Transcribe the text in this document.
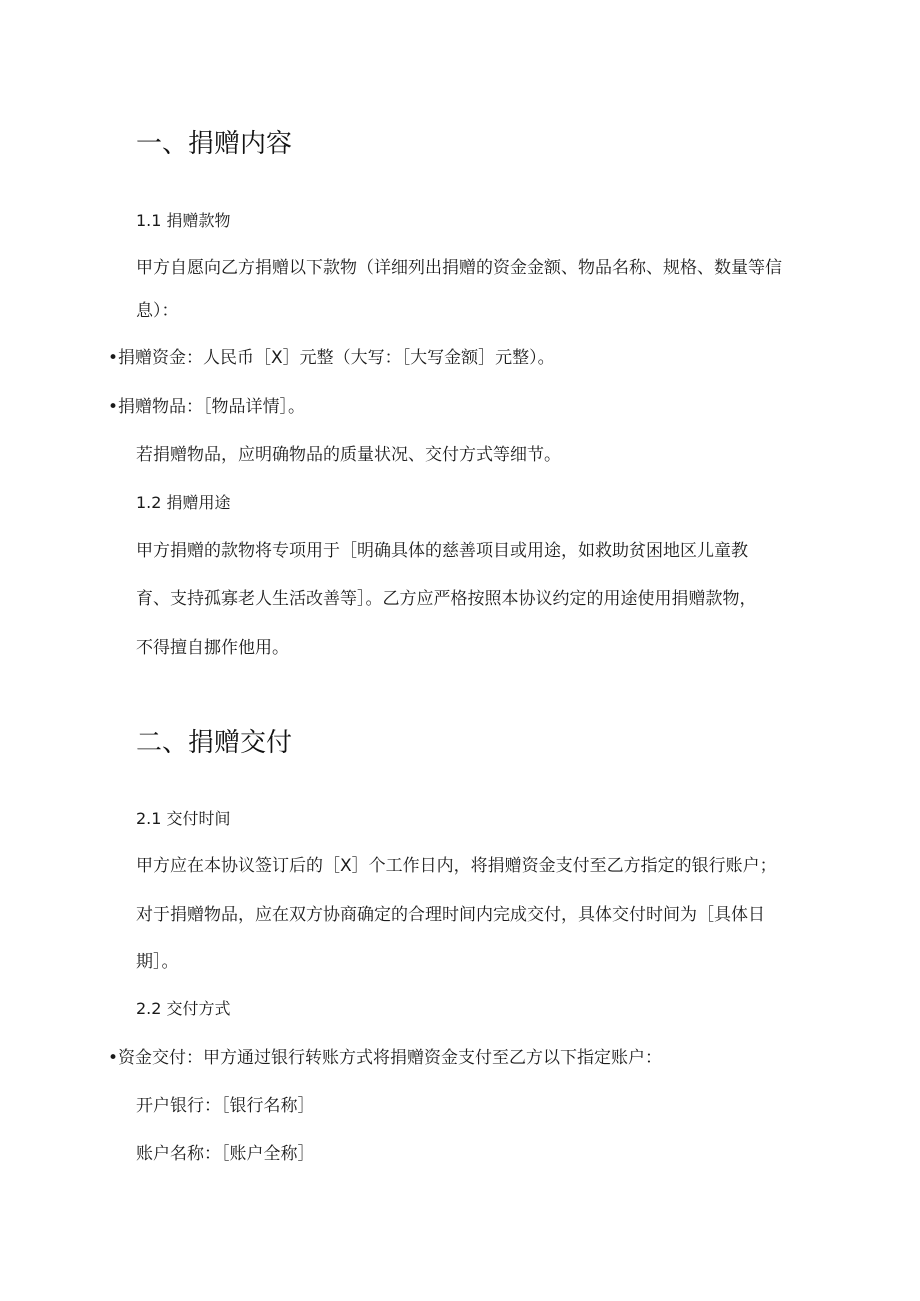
一、捐赠内容
1.1 捐赠款物
甲方自愿向乙方捐赠以下款物（详细列出捐赠的资金金额、物品名称、规格、数量等信
息）：
•捐赠资金：人民币［X］元整（大写：［大写金额］元整）。
•捐赠物品：［物品详情］。
若捐赠物品，应明确物品的质量状况、交付方式等细节。
1.2 捐赠用途
甲方捐赠的款物将专项用于［明确具体的慈善项目或用途，如救助贫困地区儿童教
育、支持孤寡老人生活改善等］。乙方应严格按照本协议约定的用途使用捐赠款物，
不得擅自挪作他用。
二、捐赠交付
2.1 交付时间
甲方应在本协议签订后的［X］个工作日内，将捐赠资金支付至乙方指定的银行账户；
对于捐赠物品，应在双方协商确定的合理时间内完成交付，具体交付时间为［具体日
期］。
2.2 交付方式
•资金交付：甲方通过银行转账方式将捐赠资金支付至乙方以下指定账户：
开户银行：［银行名称］
账户名称：［账户全称］
